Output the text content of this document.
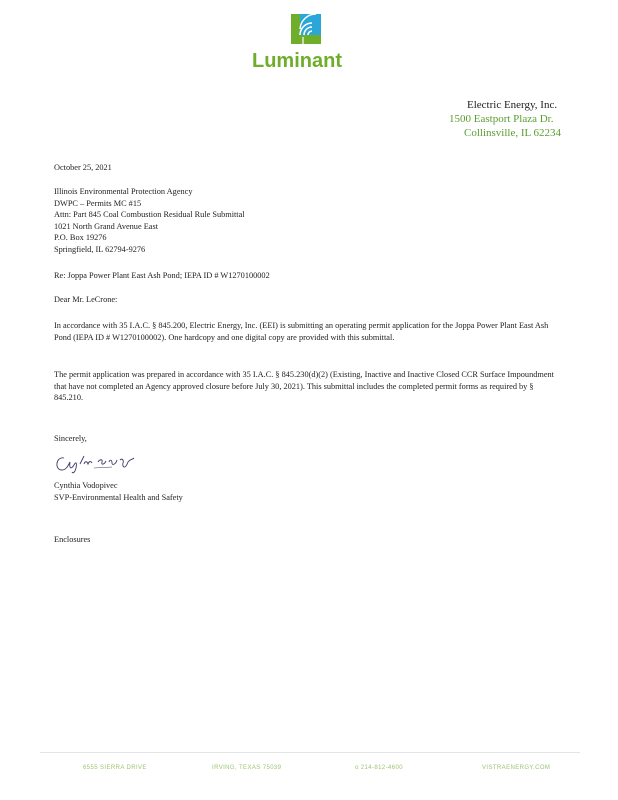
Luminant
Electric Energy, Inc.
1500 Eastport Plaza Dr.
Collinsville, IL 62234
October 25, 2021
Illinois Environmental Protection Agency
DWPC – Permits MC #15
Attn: Part 845 Coal Combustion Residual Rule Submittal
1021 North Grand Avenue East
P.O. Box 19276
Springfield, IL 62794-9276
Re: Joppa Power Plant East Ash Pond; IEPA ID # W1270100002
Dear Mr. LeCrone:

In accordance with 35 I.A.C. § 845.200, Electric Energy, Inc. (EEI) is submitting an operating permit application for the Joppa Power Plant East Ash Pond (IEPA ID # W1270100002). One hardcopy and one digital copy are provided with this submittal.

The permit application was prepared in accordance with 35 I.A.C. § 845.230(d)(2) (Existing, Inactive and Inactive Closed CCR Surface Impoundment that have not completed an Agency approved closure before July 30, 2021). This submittal includes the completed permit forms as required by § 845.210.

Sincerely,
Cynthia Vodopivec
SVP-Environmental Health and Safety
Enclosures
6555 SIERRA DRIVE	IRVING, TEXAS 75039	o 214-812-4600	VISTRAENERGY.COM
